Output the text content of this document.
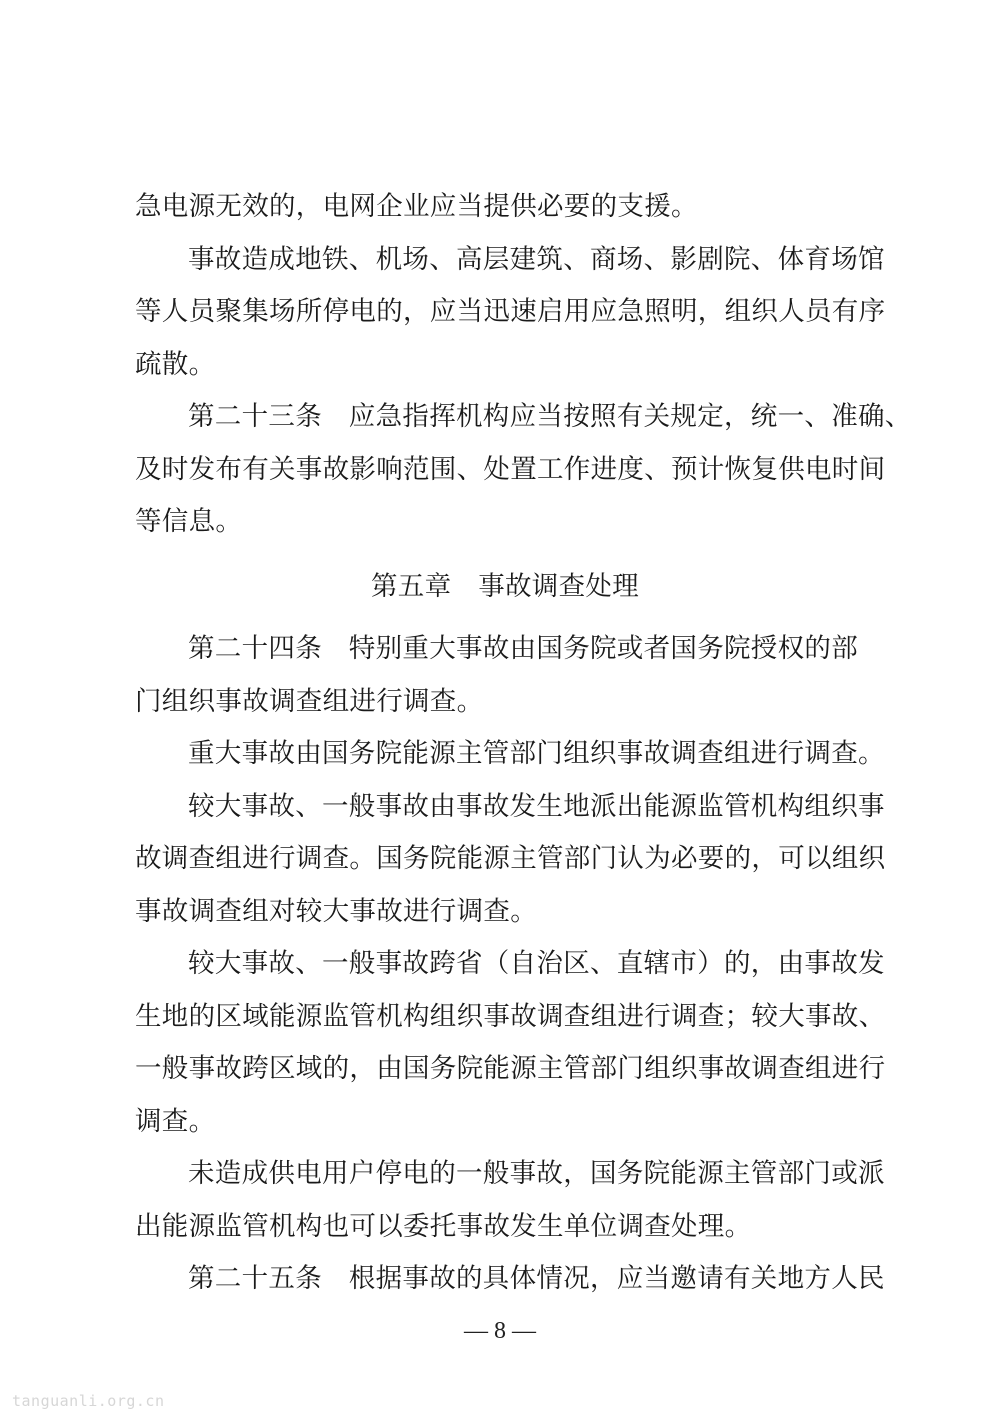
急电源无效的，电网企业应当提供必要的支援。
事故造成地铁、机场、高层建筑、商场、影剧院、体育场馆
等人员聚集场所停电的，应当迅速启用应急照明，组织人员有序
疏散。
第二十三条　应急指挥机构应当按照有关规定，统一、准确、
及时发布有关事故影响范围、处置工作进度、预计恢复供电时间
等信息。
第五章　事故调查处理
第二十四条　特别重大事故由国务院或者国务院授权的部
门组织事故调查组进行调查。
重大事故由国务院能源主管部门组织事故调查组进行调查。
较大事故、一般事故由事故发生地派出能源监管机构组织事
故调查组进行调查。国务院能源主管部门认为必要的，可以组织
事故调查组对较大事故进行调查。
较大事故、一般事故跨省（自治区、直辖市）的，由事故发
生地的区域能源监管机构组织事故调查组进行调查；较大事故、
一般事故跨区域的，由国务院能源主管部门组织事故调查组进行
调查。
未造成供电用户停电的一般事故，国务院能源主管部门或派
出能源监管机构也可以委托事故发生单位调查处理。
第二十五条　根据事故的具体情况，应当邀请有关地方人民
— 8 —
tanguanli.org.cn
